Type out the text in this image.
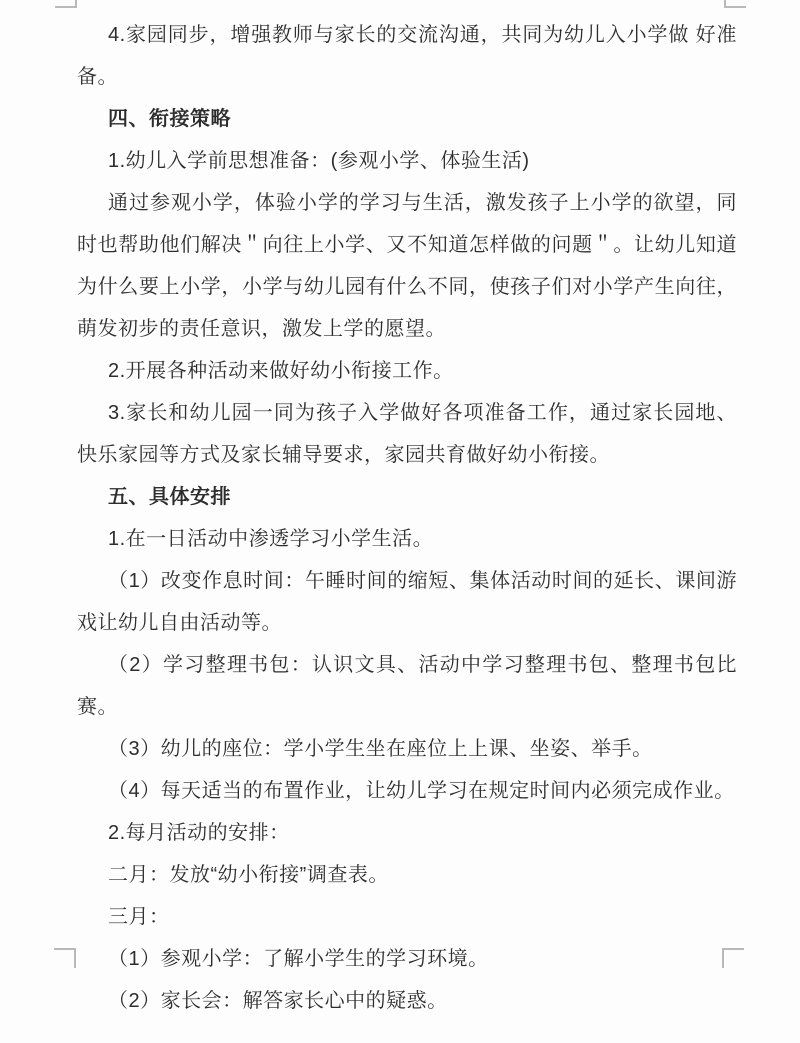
4.家园同步，增强教师与家长的交流沟通，共同为幼儿入小学做 好准备。

四、衔接策略

1.幼儿入学前思想准备：(参观小学、体验生活)

通过参观小学，体验小学的学习与生活，激发孩子上小学的欲望，同时也帮助他们解决＂向往上小学、又不知道怎样做的问题＂。让幼儿知道为什么要上小学，小学与幼儿园有什么不同，使孩子们对小学产生向往，萌发初步的责任意识，激发上学的愿望。

2.开展各种活动来做好幼小衔接工作。

3.家长和幼儿园一同为孩子入学做好各项准备工作，通过家长园地、快乐家园等方式及家长辅导要求，家园共育做好幼小衔接。

五、具体安排

1.在一日活动中渗透学习小学生活。

（1）改变作息时间：午睡时间的缩短、集体活动时间的延长、课间游戏让幼儿自由活动等。

（2）学习整理书包：认识文具、活动中学习整理书包、整理书包比赛。

（3）幼儿的座位：学小学生坐在座位上上课、坐姿、举手。

（4）每天适当的布置作业，让幼儿学习在规定时间内必须完成作业。

2.每月活动的安排：

二月：发放“幼小衔接”调查表。

三月：

（1）参观小学：了解小学生的学习环境。

（2）家长会：解答家长心中的疑惑。
